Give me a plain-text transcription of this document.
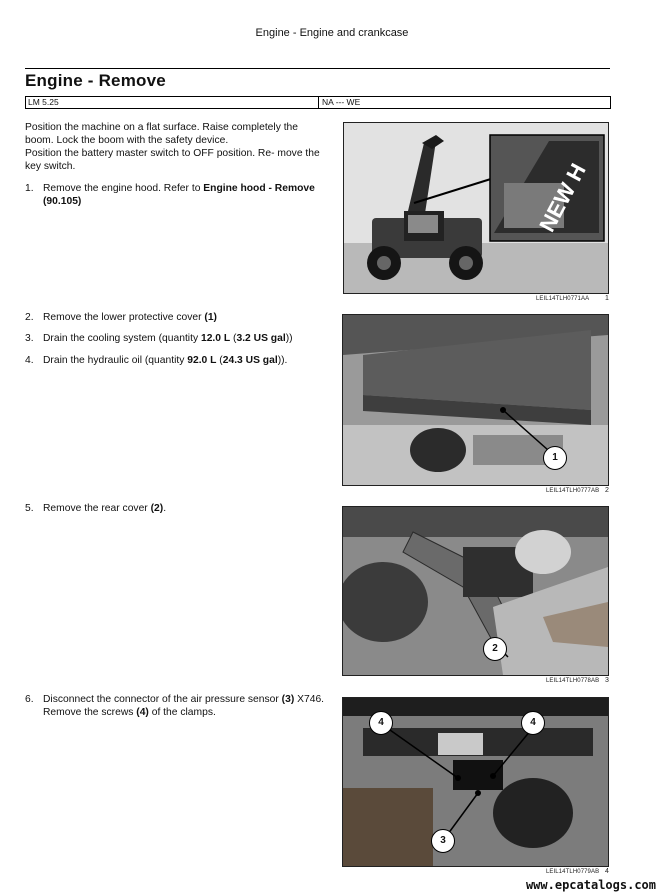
Engine - Engine and crankcase
Engine - Remove
LM 5.25	NA --- WE
Position the machine on a flat surface. Raise completely the boom. Lock the boom with the safety device.
Position the battery master switch to OFF position. Re- move the key switch.
1. Remove the engine hood. Refer to Engine hood - Remove (90.105)
2. Remove the lower protective cover (1)
3. Drain the cooling system (quantity 12.0 L (3.2 US gal))
4. Drain the hydraulic oil (quantity 92.0 L (24.3 US gal)).
5. Remove the rear cover (2).
6. Disconnect the connector of the air pressure sensor (3) X746. Remove the screws (4) of the clamps.
NEW H
LEIL14TLH0771AA 1
1
LEIL14TLH0777AB 2
2
LEIL14TLH0778AB 3
4	4
3
LEIL14TLH0779AB 4
www.epcatalogs.com
